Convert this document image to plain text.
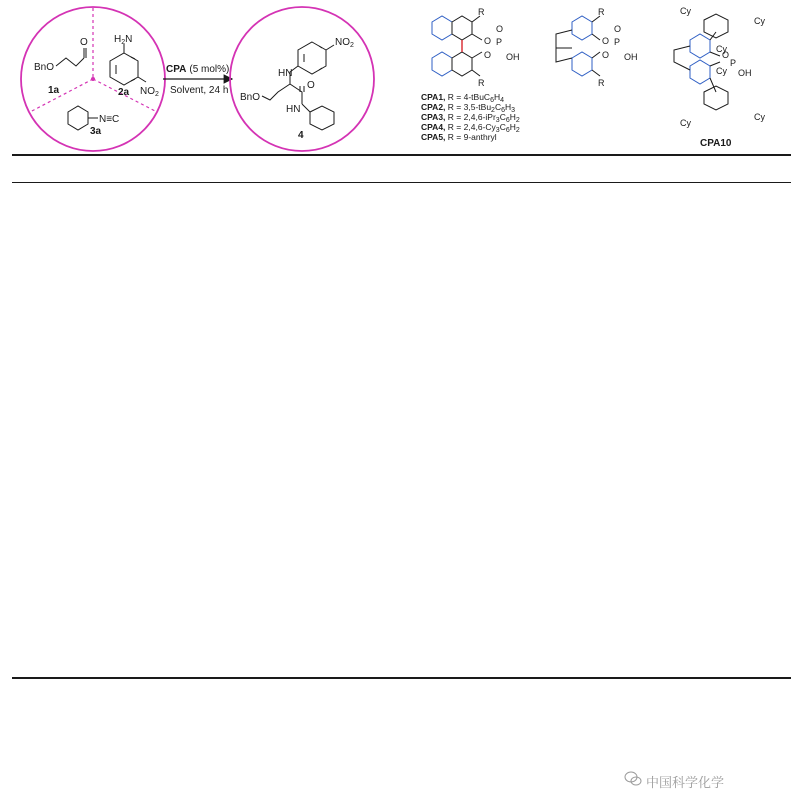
BnO
O
1a
$H_2N$
$NO_2$
2a
N≡C
3a
CPA (5 mol%)
Solvent, 24 h
$NO_2$
HN
BnO
O
HN
4
R
O
O
P
O
OH
R
CPA1, $R = 4-tBuC_6H_4$
CPA2, $R = 3,5-tBu_2C_6H_3$
CPA3, $R = 2,4,6-iPr_3C_6H_2$
CPA4, $R = 2,4,6-Cy_3C_6H_2$
CPA5, R = 9-anthryl
R
O
O
P
O
OH
R
Cy
Cy
Cy
O
P
OH
Cy
Cy
Cy
CPA10
中国科学化学
